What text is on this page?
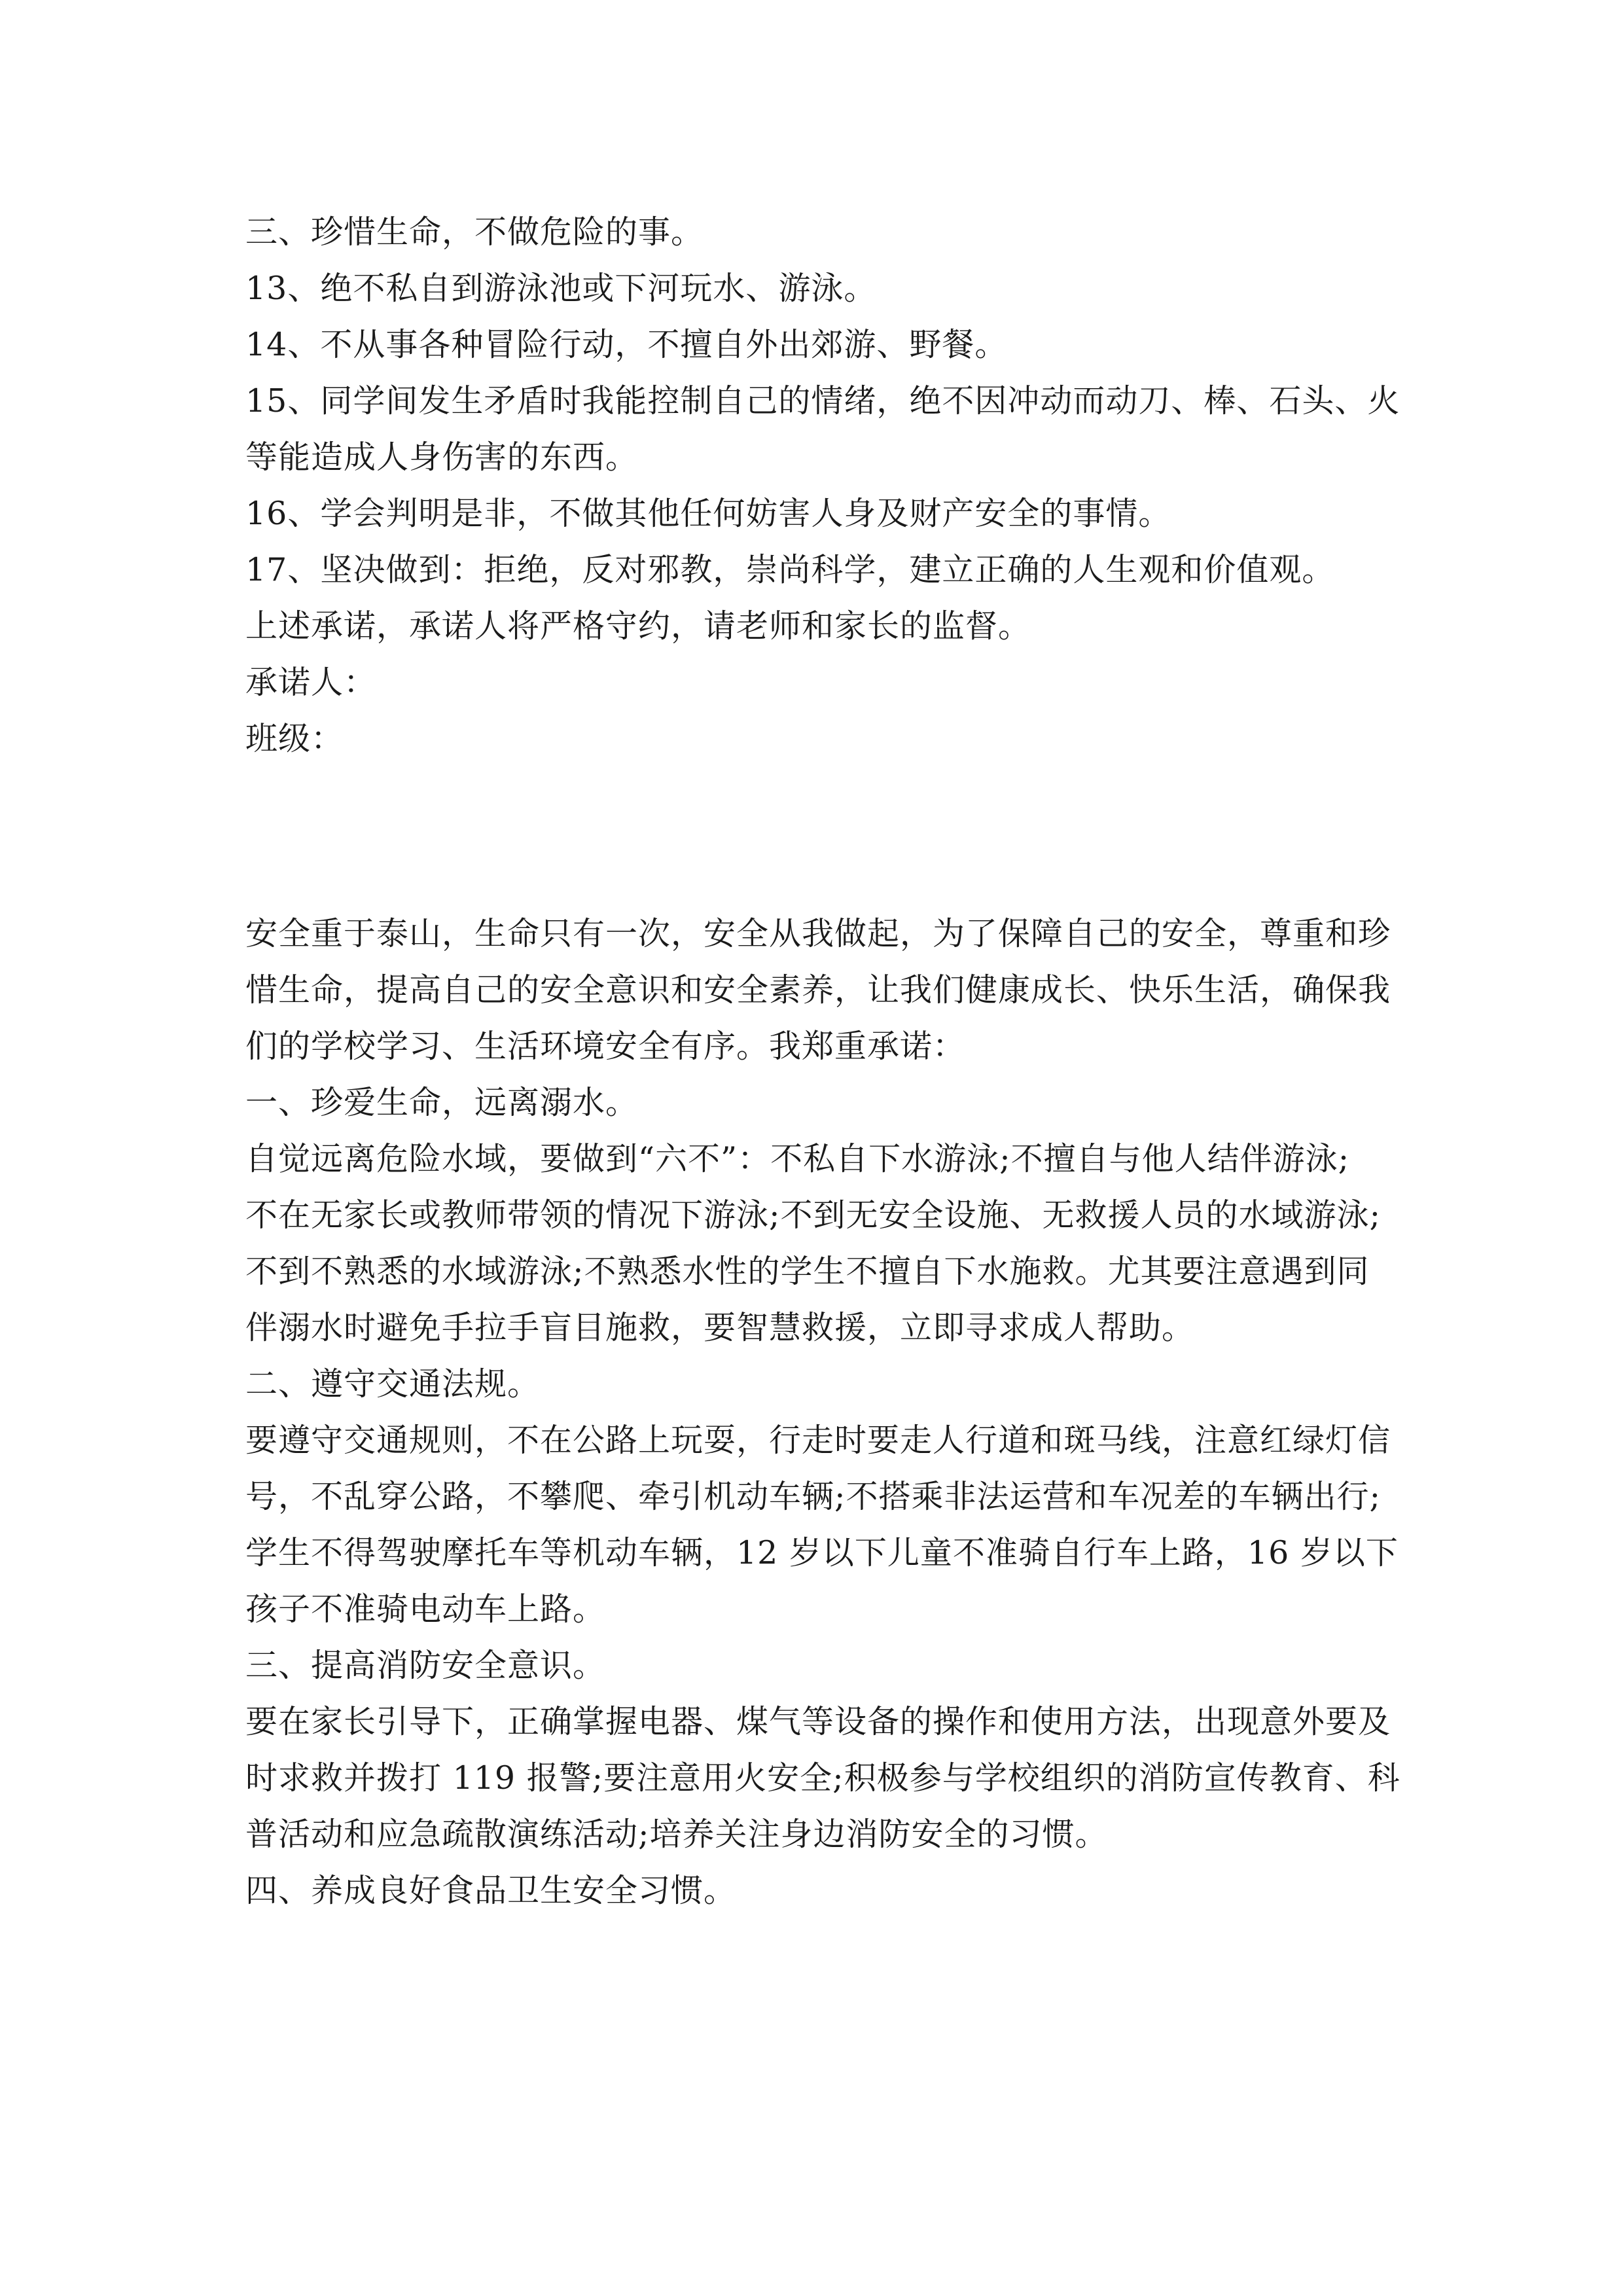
三、珍惜生命，不做危险的事。
13、绝不私自到游泳池或下河玩水、游泳。
14、不从事各种冒险行动，不擅自外出郊游、野餐。
15、同学间发生矛盾时我能控制自己的情绪，绝不因冲动而动刀、棒、石头、火
等能造成人身伤害的东西。
16、学会判明是非，不做其他任何妨害人身及财产安全的事情。
17、坚决做到：拒绝，反对邪教，崇尚科学，建立正确的人生观和价值观。
上述承诺，承诺人将严格守约，请老师和家长的监督。
承诺人：
班级：
安全重于泰山，生命只有一次，安全从我做起，为了保障自己的安全，尊重和珍
惜生命，提高自己的安全意识和安全素养，让我们健康成长、快乐生活，确保我
们的学校学习、生活环境安全有序。我郑重承诺：
一、珍爱生命，远离溺水。
自觉远离危险水域，要做到“六不”：不私自下水游泳;不擅自与他人结伴游泳;
不在无家长或教师带领的情况下游泳;不到无安全设施、无救援人员的水域游泳;
不到不熟悉的水域游泳;不熟悉水性的学生不擅自下水施救。尤其要注意遇到同
伴溺水时避免手拉手盲目施救，要智慧救援，立即寻求成人帮助。
二、遵守交通法规。
要遵守交通规则，不在公路上玩耍，行走时要走人行道和斑马线，注意红绿灯信
号，不乱穿公路，不攀爬、牵引机动车辆;不搭乘非法运营和车况差的车辆出行;
学生不得驾驶摩托车等机动车辆，12 岁以下儿童不准骑自行车上路，16 岁以下
孩子不准骑电动车上路。
三、提高消防安全意识。
要在家长引导下，正确掌握电器、煤气等设备的操作和使用方法，出现意外要及
时求救并拨打 119 报警;要注意用火安全;积极参与学校组织的消防宣传教育、科
普活动和应急疏散演练活动;培养关注身边消防安全的习惯。
四、养成良好食品卫生安全习惯。
